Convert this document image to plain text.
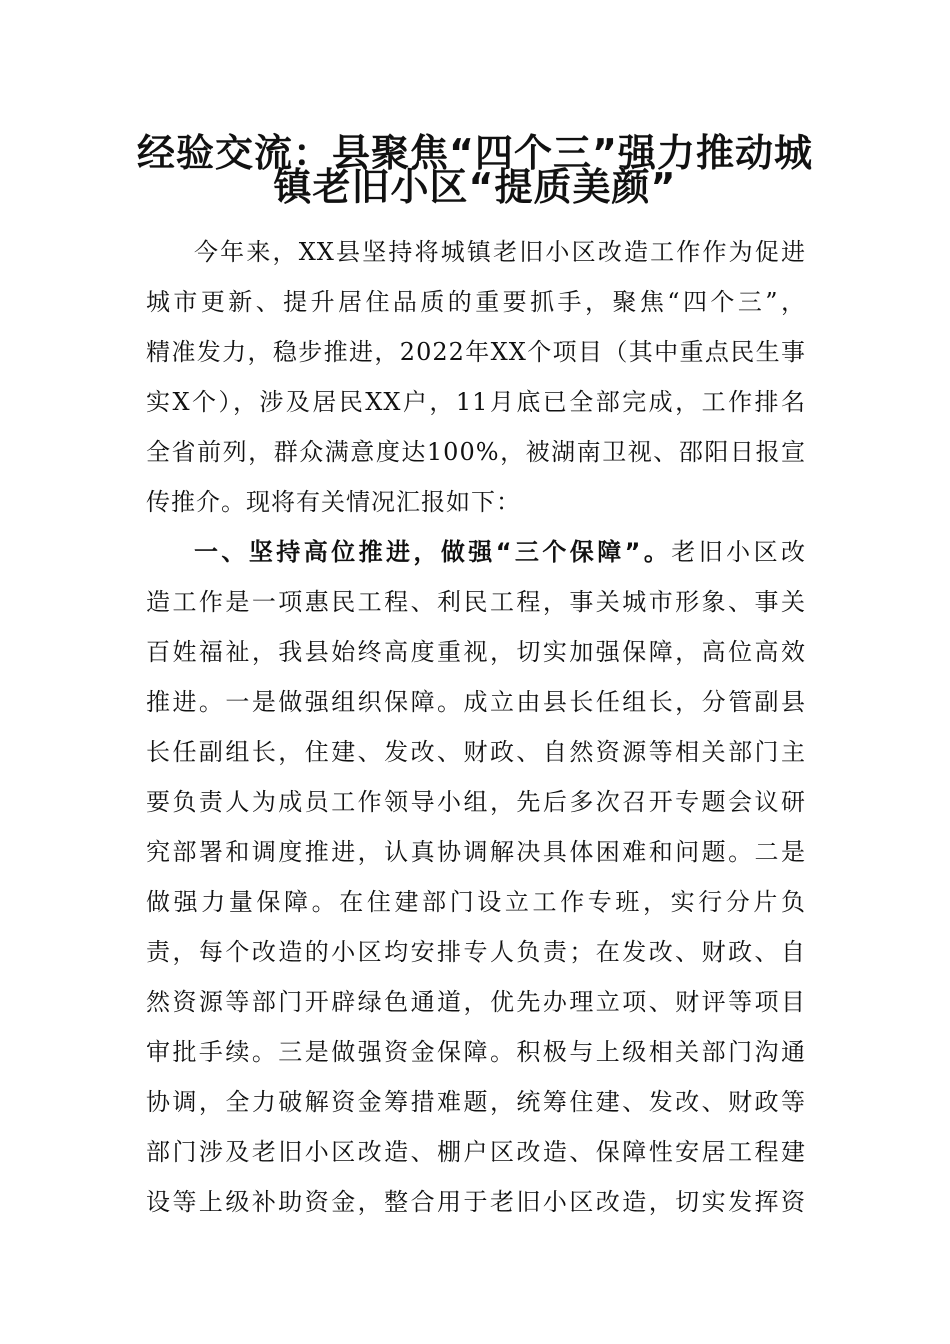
经验交流：县聚焦“四个三”强力推动城
镇老旧小区“提质美颜”
今年来，XX县坚持将城镇老旧小区改造工作作为促进
城市更新、提升居住品质的重要抓手，聚焦“四个三”，
精准发力，稳步推进，2022年XX个项目（其中重点民生事
实X个），涉及居民XX户，11月底已全部完成，工作排名
全省前列，群众满意度达100%，被湖南卫视、邵阳日报宣
传推介。现将有关情况汇报如下：
一、坚持高位推进，做强“三个保障”。老旧小区改
造工作是一项惠民工程、利民工程，事关城市形象、事关
百姓福祉，我县始终高度重视，切实加强保障，高位高效
推进。一是做强组织保障。成立由县长任组长，分管副县
长任副组长，住建、发改、财政、自然资源等相关部门主
要负责人为成员工作领导小组，先后多次召开专题会议研
究部署和调度推进，认真协调解决具体困难和问题。二是
做强力量保障。在住建部门设立工作专班，实行分片负
责，每个改造的小区均安排专人负责；在发改、财政、自
然资源等部门开辟绿色通道，优先办理立项、财评等项目
审批手续。三是做强资金保障。积极与上级相关部门沟通
协调，全力破解资金筹措难题，统筹住建、发改、财政等
部门涉及老旧小区改造、棚户区改造、保障性安居工程建
设等上级补助资金，整合用于老旧小区改造，切实发挥资
